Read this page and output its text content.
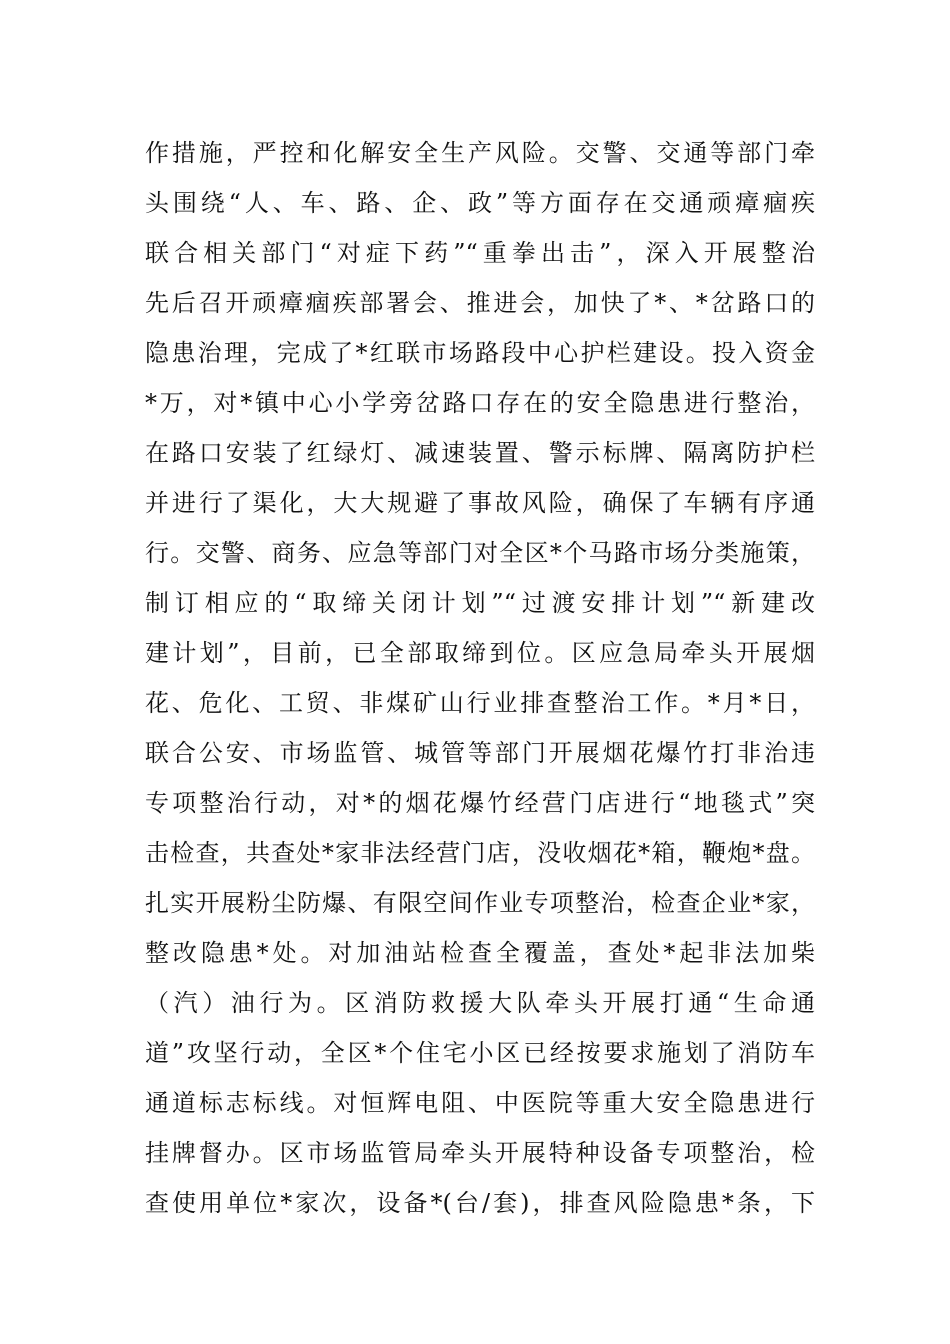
作措施，严控和化解安全生产风险。交警、交通等部门牵
头围绕“人、车、路、企、政”等方面存在交通顽瘴痼疾
联合相关部门“对症下药”“重拳出击”，深入开展整治
先后召开顽瘴痼疾部署会、推进会，加快了*、*岔路口的
隐患治理，完成了*红联市场路段中心护栏建设。投入资金
*万，对*镇中心小学旁岔路口存在的安全隐患进行整治，
在路口安装了红绿灯、减速装置、警示标牌、隔离防护栏
并进行了渠化，大大规避了事故风险，确保了车辆有序通
行。交警、商务、应急等部门对全区*个马路市场分类施策，
制订相应的“取缔关闭计划”“过渡安排计划”“新建改
建计划”，目前，已全部取缔到位。区应急局牵头开展烟
花、危化、工贸、非煤矿山行业排查整治工作。*月*日，
联合公安、市场监管、城管等部门开展烟花爆竹打非治违
专项整治行动，对*的烟花爆竹经营门店进行“地毯式”突
击检查，共查处*家非法经营门店，没收烟花*箱，鞭炮*盘。
扎实开展粉尘防爆、有限空间作业专项整治，检查企业*家，
整改隐患*处。对加油站检查全覆盖，查处*起非法加柴
（汽）油行为。区消防救援大队牵头开展打通“生命通
道”攻坚行动，全区*个住宅小区已经按要求施划了消防车
通道标志标线。对恒辉电阻、中医院等重大安全隐患进行
挂牌督办。区市场监管局牵头开展特种设备专项整治，检
查使用单位*家次，设备*(台/套)，排查风险隐患*条，下
